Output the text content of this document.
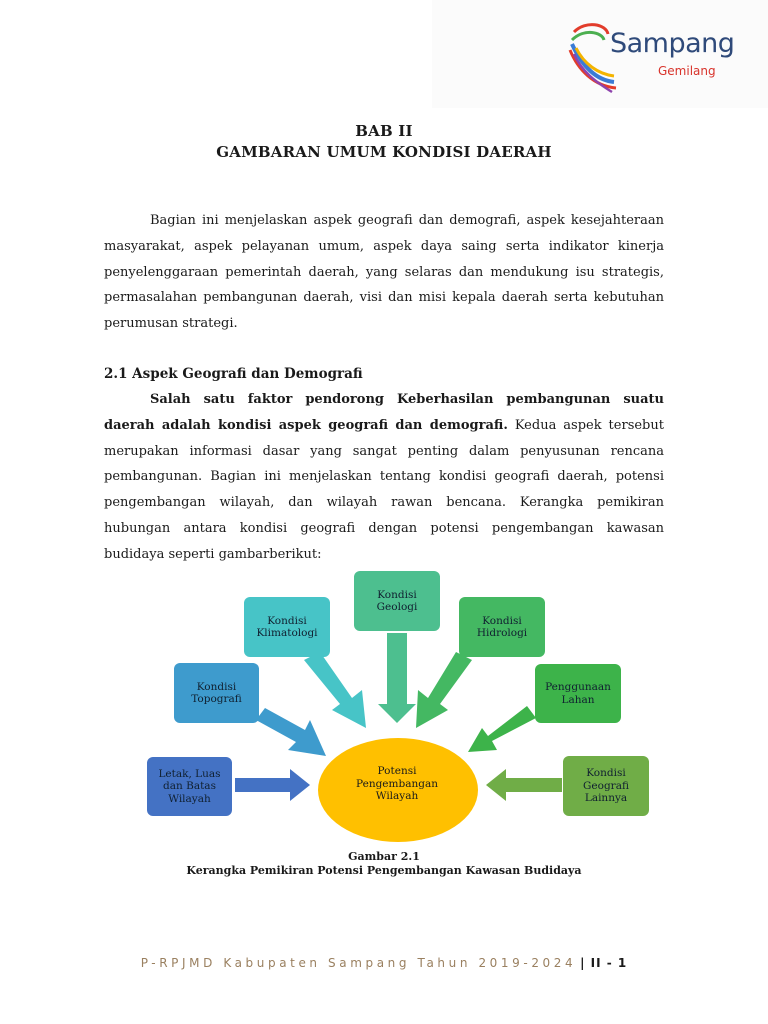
Sampang
Gemilang
BAB II
GAMBARAN UMUM KONDISI DAERAH

Bagian ini menjelaskan aspek geografi dan demografi, aspek kesejahteraan masyarakat, aspek pelayanan umum, aspek daya saing serta indikator kinerja penyelenggaraan pemerintah daerah, yang selaras dan mendukung isu strategis, permasalahan pembangunan daerah, visi dan misi kepala daerah serta kebutuhan perumusan strategi.

2.1 Aspek Geografi dan Demografi

Salah satu faktor pendorong Keberhasilan pembangunan suatu daerah adalah kondisi aspek geografi dan demografi. Kedua aspek tersebut merupakan informasi dasar yang sangat penting dalam penyusunan rencana pembangunan. Bagian ini menjelaskan tentang kondisi geografi daerah, potensi pengembangan wilayah, dan wilayah rawan bencana. Kerangka pemikiran hubungan antara kondisi geografi dengan potensi pengembangan kawasan budidaya seperti gambarberikut:

Potensi
Pengembangan
Wilayah
Letak, Luas
dan Batas
Wilayah
Kondisi
Topografi
Kondisi
Klimatologi
Kondisi
Geologi
Kondisi
Hidrologi
Penggunaan
Lahan
Kondisi
Geografi
Lainnya
Gambar 2.1
Kerangka Pemikiran Potensi Pengembangan Kawasan Budidaya
P-RPJMD Kabupaten Sampang Tahun 2019-2024 | II - 1
